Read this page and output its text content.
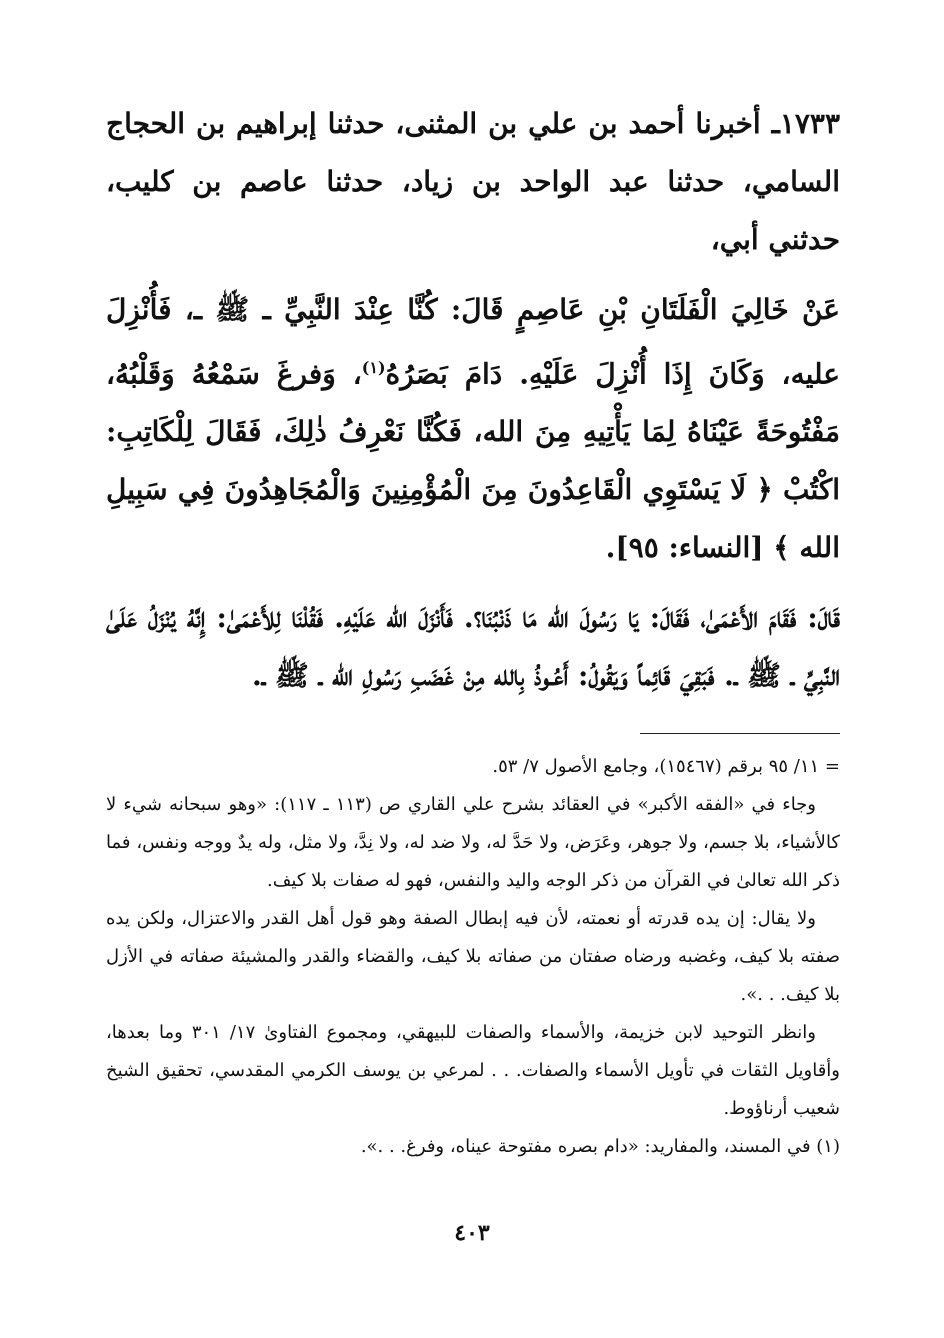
١٧٣٣ـ أخبرنا أحمد بن علي بن المثنى، حدثنا إبراهيم بن الحجاج السامي، حدثنا عبد الواحد بن زياد، حدثنا عاصم بن كليب، حدثني أبي،

عَنْ خَالِيَ الْفَلَتَانِ بْنِ عَاصِمٍ قَالَ: كُنَّا عِنْدَ النَّبِيِّ ـ ﷺ ـ، فَأُنْزِلَ عليه، وَكَانَ إِذَا أُنْزِلَ عَلَيْهِ. دَامَ بَصَرُهُ$^{(١)}$، وَفرغَ سَمْعُهُ وَقَلْبُهُ، مَفْتُوحَةً عَيْنَاهُ لِمَا يَأْتِيهِ مِنَ الله، فَكُنَّا نَعْرِفُ ذٰلِكَ، فَقَالَ لِلْكَاتِبِ: اكْتُبْ ﴿ لَا يَسْتَوِي الْقَاعِدُونَ مِنَ الْمُؤْمِنِينَ وَالْمُجَاهِدُونَ فِي سَبِيلِ الله ﴾ [النساء: ٩٥].

قَالَ: فَقَامَ الأَعْمَىٰ، فَقَالَ: يَا رَسُولَ الله مَا ذَنْبُنَا؟. فَأَنْزَلَ الله عَلَيْهِ. فَقُلْنَا لِلأَعْمَىٰ: إِنَّهُ يُنْزَلُ عَلَىٰ النَّبِيِّ ـ ﷺ ـ. فَبَقِيَ قَائِماً وَيَقُولُ: أَعُـوذُ بِالله مِنْ غَضَبِ رَسُولِ الله ـ ﷺ ـ.

= ١١/ ٩٥ برقم (١٥٤٦٧)، وجامع الأصول ٧/ ٥٣.

وجاء في «الفقه الأكبر» في العقائد بشرح علي القاري ص (١١٣ ـ ١١٧): «وهو سبحانه شيء لا كالأشياء، بلا جسم، ولا جوهر، وعَرَض، ولا حَدَّ له، ولا ضد له، ولا نِدَّ، ولا مثل، وله يدٌ ووجه ونفس، فما ذكر الله تعالىٰ في القرآن من ذكر الوجه واليد والنفس، فهو له صفات بلا كيف.

ولا يقال: إن يده قدرته أو نعمته، لأن فيه إبطال الصفة وهو قول أهل القدر والاعتزال، ولكن يده صفته بلا كيف، وغضبه ورضاه صفتان من صفاته بلا كيف، والقضاء والقدر والمشيئة صفاته في الأزل بلا كيف. . .».

وانظر التوحيد لابن خزيمة، والأسماء والصفات للبيهقي، ومجموع الفتاوىٰ ١٧/ ٣٠١ وما بعدها، وأقاويل الثقات في تأويل الأسماء والصفات. . . لمرعي بن يوسف الكرمي المقدسي، تحقيق الشيخ شعيب أرناؤوط.

(١) في المسند، والمفاريد: «دام بصره مفتوحة عيناه، وفرغ. . .».

٤٠٣
